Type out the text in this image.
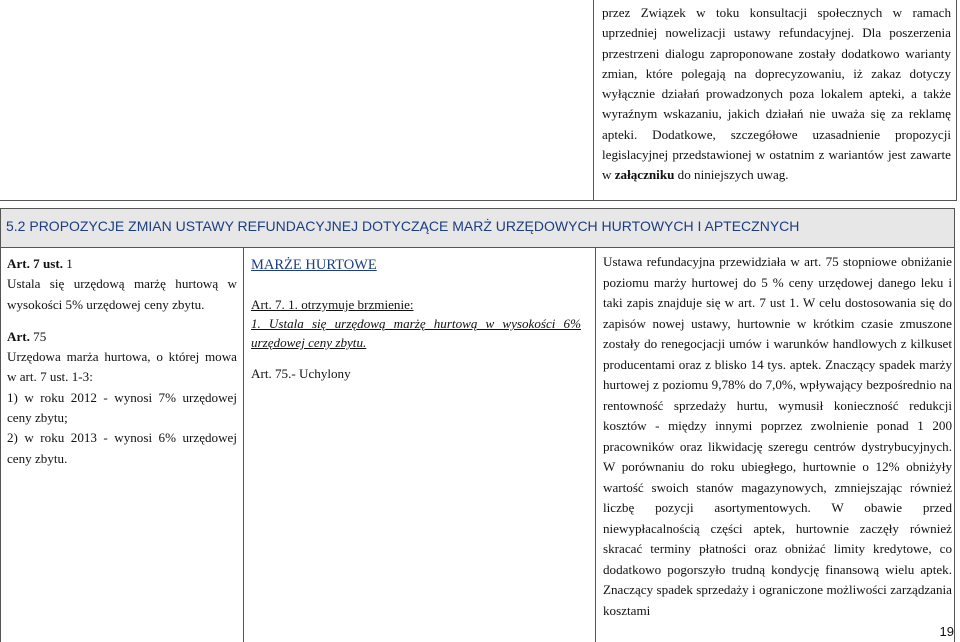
przez Związek w toku konsultacji społecznych w ramach uprzedniej nowelizacji ustawy refundacyjnej. Dla poszerzenia przestrzeni dialogu zaproponowane zostały dodatkowo warianty zmian, które polegają na doprecyzowaniu, iż zakaz dotyczy wyłącznie działań prowadzonych poza lokalem apteki, a także wyraźnym wskazaniu, jakich działań nie uważa się za reklamę apteki. Dodatkowe, szczegółowe uzasadnienie propozycji legislacyjnej przedstawionej w ostatnim z wariantów jest zawarte w załączniku do niniejszych uwag.
5.2 PROPOZYCJE ZMIAN USTAWY REFUNDACYJNEJ DOTYCZĄCE MARŻ URZĘDOWYCH HURTOWYCH I APTECZNYCH
Art. 7 ust. 1
Ustala się urzędową marżę hurtową w wysokości 5% urzędowej ceny zbytu.
Art. 75
Urzędowa marża hurtowa, o której mowa w art. 7 ust. 1-3:
1) w roku 2012 - wynosi 7% urzędowej ceny zbytu;
2) w roku 2013 - wynosi 6% urzędowej ceny zbytu.
MARŻE HURTOWE
Art. 7. 1. otrzymuje brzmienie:
1. Ustala się urzędową marżę hurtową w wysokości 6% urzędowej ceny zbytu.
Art. 75.- Uchylony
Ustawa refundacyjna przewidziała w art. 75 stopniowe obniżanie poziomu marży hurtowej do 5 % ceny urzędowej danego leku i taki zapis znajduje się w art. 7 ust 1. W celu dostosowania się do zapisów nowej ustawy, hurtownie w krótkim czasie zmuszone zostały do renegocjacji umów i warunków handlowych z kilkuset producentami oraz z blisko 14 tys. aptek. Znaczący spadek marży hurtowej z poziomu 9,78% do 7,0%, wpływający bezpośrednio na rentowność sprzedaży hurtu, wymusił konieczność redukcji kosztów - między innymi poprzez zwolnienie ponad 1 200 pracowników oraz likwidację szeregu centrów dystrybucyjnych. W porównaniu do roku ubiegłego, hurtownie o 12% obniżyły wartość swoich stanów magazynowych, zmniejszając również liczbę pozycji asortymentowych. W obawie przed niewypłacalnością części aptek, hurtownie zaczęły również skracać terminy płatności oraz obniżać limity kredytowe, co dodatkowo pogorszyło trudną kondycję finansową wielu aptek. Znaczący spadek sprzedaży i ograniczone możliwości zarządzania kosztami
19
